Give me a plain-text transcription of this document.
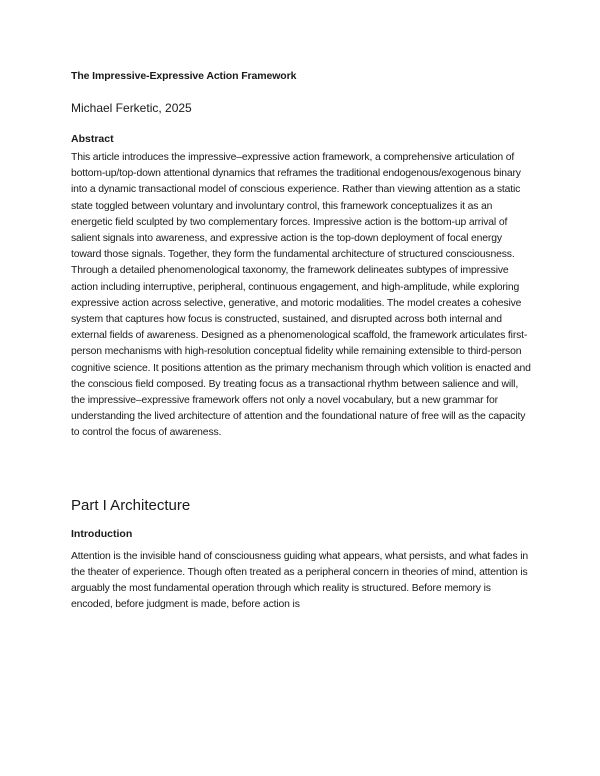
The Impressive-Expressive Action Framework

Michael Ferketic, 2025

Abstract

This article introduces the impressive–expressive action framework, a comprehensive articulation of bottom-up/top-down attentional dynamics that reframes the traditional endogenous/exogenous binary into a dynamic transactional model of conscious experience. Rather than viewing attention as a static state toggled between voluntary and involuntary control, this framework conceptualizes it as an energetic field sculpted by two complementary forces. Impressive action is the bottom-up arrival of salient signals into awareness, and expressive action is the top-down deployment of focal energy toward those signals. Together, they form the fundamental architecture of structured consciousness. Through a detailed phenomenological taxonomy, the framework delineates subtypes of impressive action including interruptive, peripheral, continuous engagement, and high-amplitude, while exploring expressive action across selective, generative, and motoric modalities. The model creates a cohesive system that captures how focus is constructed, sustained, and disrupted across both internal and external fields of awareness. Designed as a phenomenological scaffold, the framework articulates first-person mechanisms with high-resolution conceptual fidelity while remaining extensible to third-person cognitive science. It positions attention as the primary mechanism through which volition is enacted and the conscious field composed. By treating focus as a transactional rhythm between salience and will, the impressive–expressive framework offers not only a novel vocabulary, but a new grammar for understanding the lived architecture of attention and the foundational nature of free will as the capacity to control the focus of awareness.

Part I Architecture

Introduction

Attention is the invisible hand of consciousness guiding what appears, what persists, and what fades in the theater of experience. Though often treated as a peripheral concern in theories of mind, attention is arguably the most fundamental operation through which reality is structured. Before memory is encoded, before judgment is made, before action is
